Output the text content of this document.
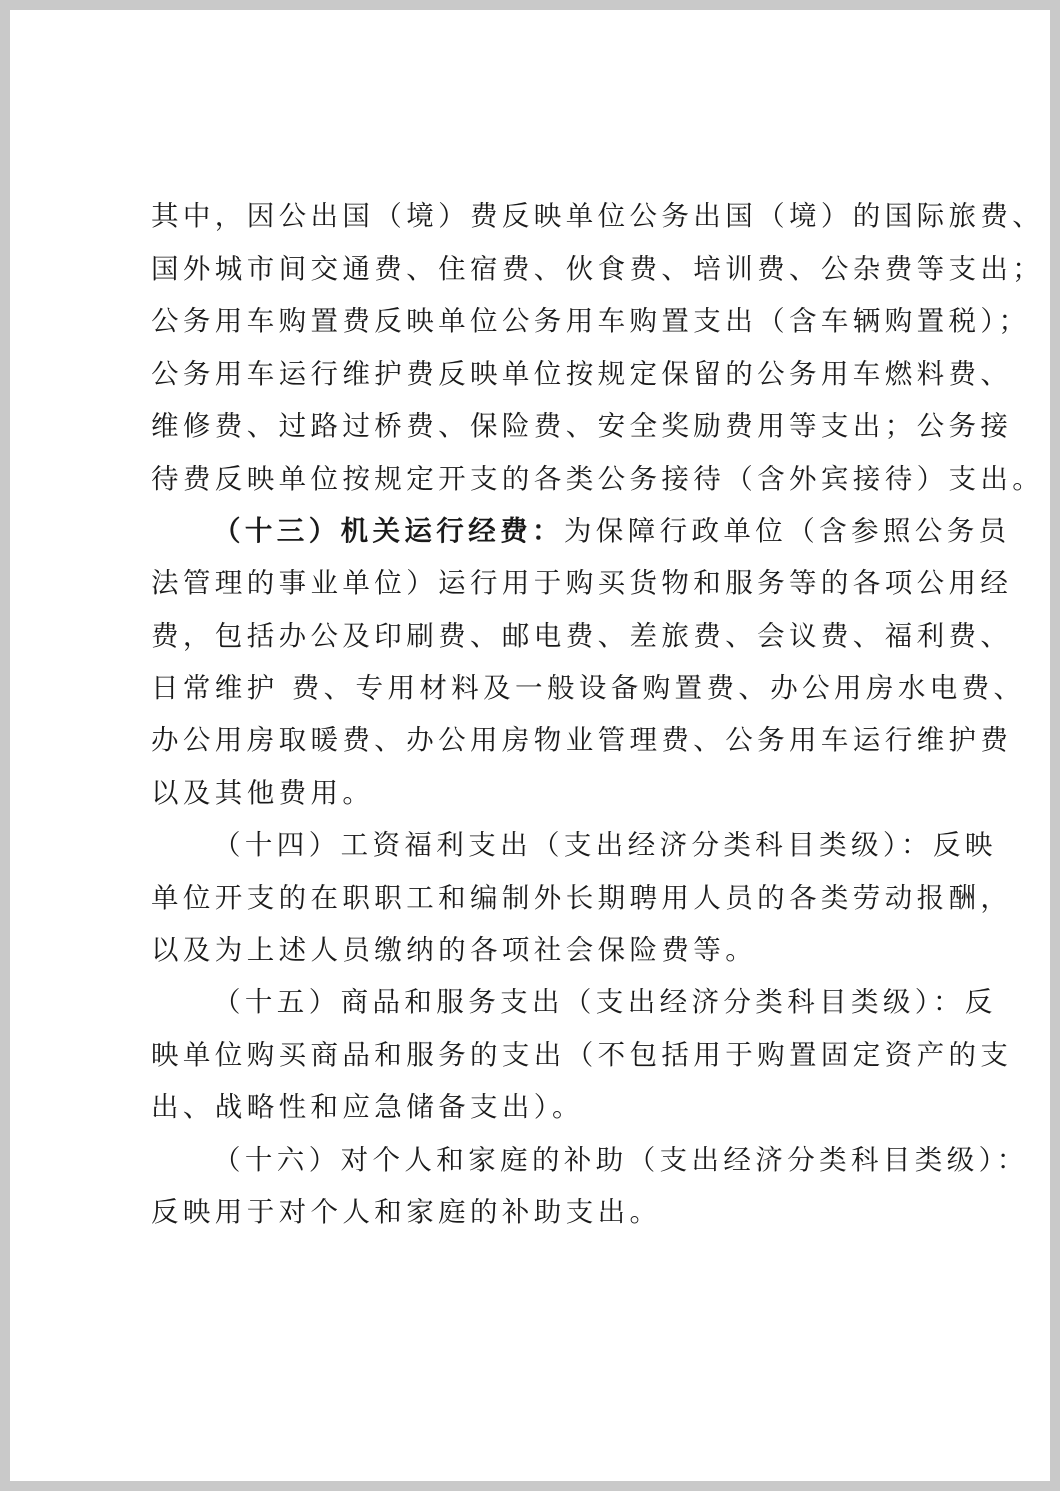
其中，因公出国（境）费反映单位公务出国（境）的国际旅费、
国外城市间交通费、住宿费、伙食费、培训费、公杂费等支出；
公务用车购置费反映单位公务用车购置支出（含车辆购置税）；
公务用车运行维护费反映单位按规定保留的公务用车燃料费、
维修费、过路过桥费、保险费、安全奖励费用等支出；公务接
待费反映单位按规定开支的各类公务接待（含外宾接待）支出。
（十三）机关运行经费：为保障行政单位（含参照公务员
法管理的事业单位）运行用于购买货物和服务等的各项公用经
费，包括办公及印刷费、邮电费、差旅费、会议费、福利费、
日常维护 费、专用材料及一般设备购置费、办公用房水电费、
办公用房取暖费、办公用房物业管理费、公务用车运行维护费
以及其他费用。
（十四）工资福利支出（支出经济分类科目类级）：反映
单位开支的在职职工和编制外长期聘用人员的各类劳动报酬，
以及为上述人员缴纳的各项社会保险费等。
（十五）商品和服务支出（支出经济分类科目类级）：反
映单位购买商品和服务的支出（不包括用于购置固定资产的支
出、战略性和应急储备支出）。
（十六）对个人和家庭的补助（支出经济分类科目类级）：
反映用于对个人和家庭的补助支出。
